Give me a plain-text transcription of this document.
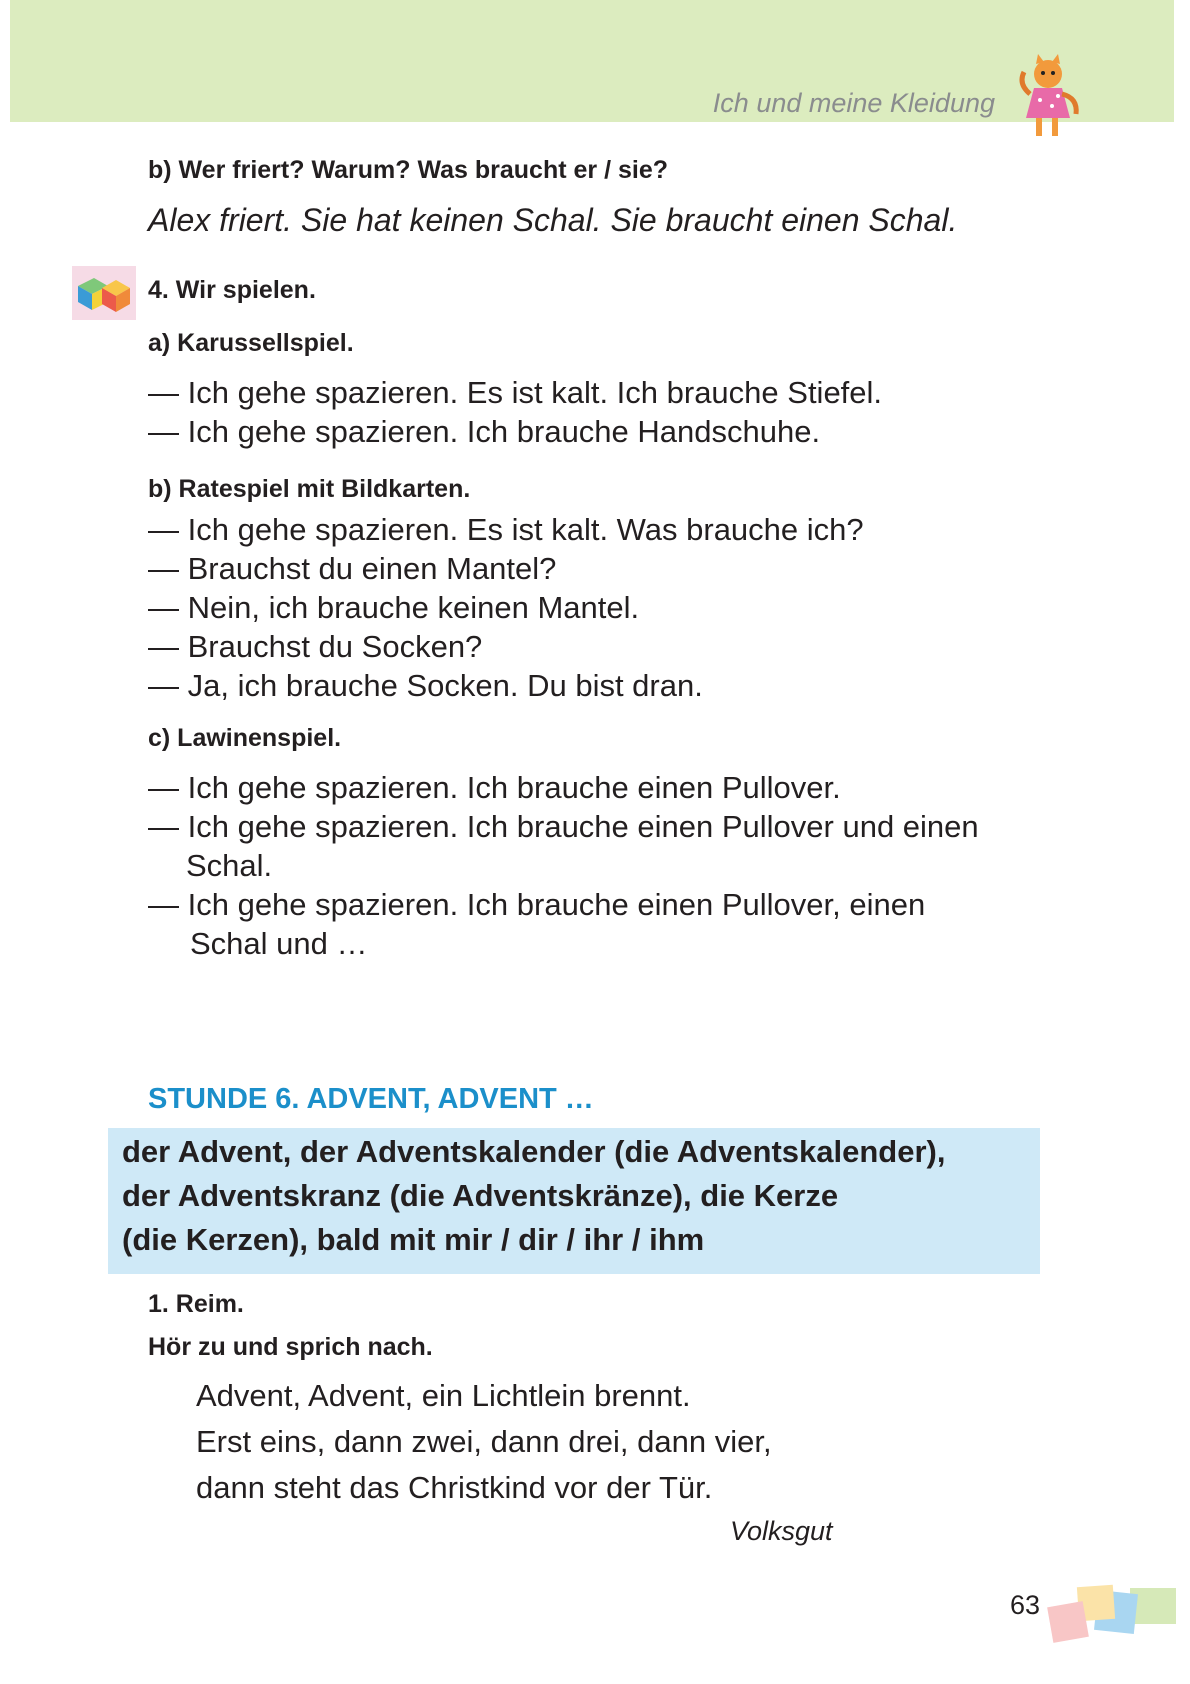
Ich und meine Kleidung
b) Wer friert? Warum? Was braucht er / sie?
Alex friert. Sie hat keinen Schal. Sie braucht einen Schal.
4. Wir spielen.
a) Karussellspiel.
— Ich gehe spazieren. Es ist kalt. Ich brauche Stiefel.
— Ich gehe spazieren. Ich brauche Handschuhe.
b) Ratespiel mit Bildkarten.
— Ich gehe spazieren. Es ist kalt. Was brauche ich?
— Brauchst du einen Mantel?
— Nein, ich brauche keinen Mantel.
— Brauchst du Socken?
— Ja, ich brauche Socken. Du bist dran.
c) Lawinenspiel.
— Ich gehe spazieren. Ich brauche einen Pullover.
— Ich gehe spazieren. Ich brauche einen Pullover und einen
Schal.
— Ich gehe spazieren. Ich brauche einen Pullover, einen
Schal und …
STUNDE 6. ADVENT, ADVENT …
der Advent, der Adventskalender (die Adventskalender),
der Adventskranz (die Adventskränze), die Kerze
(die Kerzen), bald mit mir / dir / ihr / ihm
1. Reim.
Hör zu und sprich nach.
Advent, Advent, ein Lichtlein brennt.
Erst eins, dann zwei, dann drei, dann vier,
dann steht das Christkind vor der Tür.
Volksgut
63
